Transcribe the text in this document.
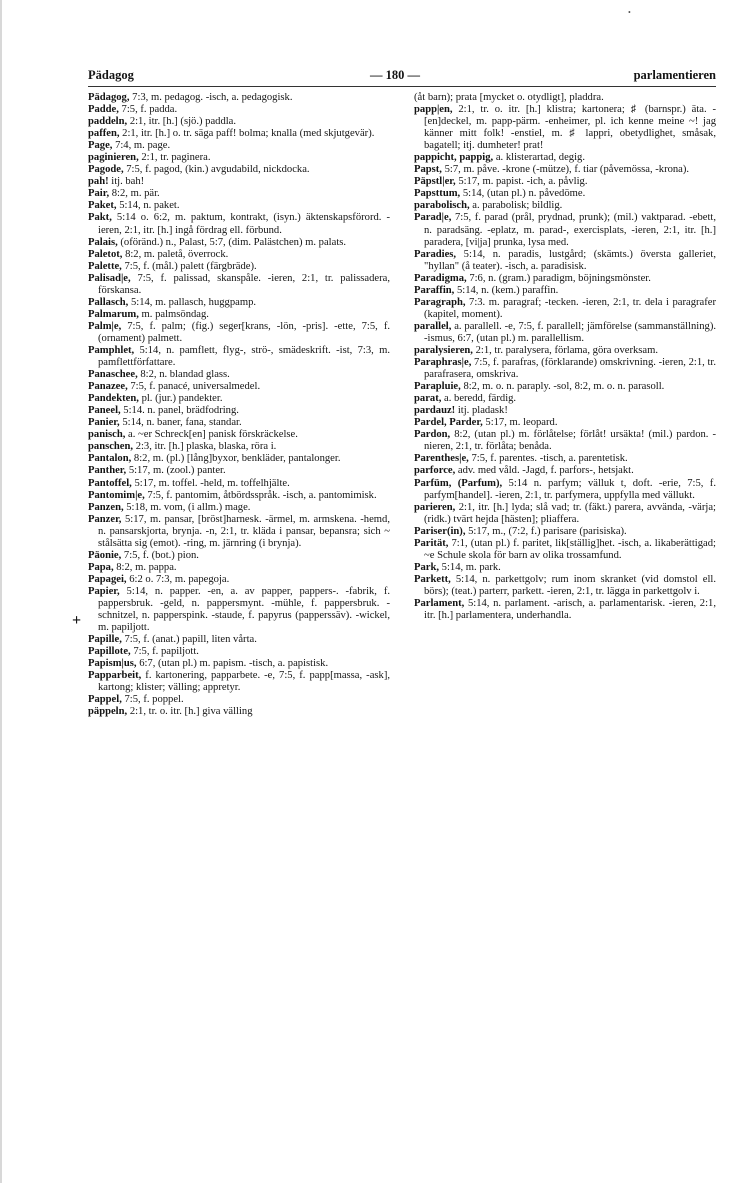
•
Pädagog	— 180 —	parlamentieren
+

Pädagog, 7:3, m. pedagog. -isch, a. pedagogisk.

Padde, 7:5, f. padda.

paddeln, 2:1, itr. [h.] (sjö.) paddla.

paffen, 2:1, itr. [h.] o. tr. säga paff! bolma; knalla (med skjutgevär).

Page, 7:4, m. page.

paginieren, 2:1, tr. paginera.

Pagode, 7:5, f. pagod, (kin.) avgudabild, nickdocka.

pah! itj. bah!

Pair, 8:2, m. pär.

Paket, 5:14, n. paket.

Pakt, 5:14 o. 6:2, m. paktum, kontrakt, (isyn.) äktenskapsförord. -ieren, 2:1, itr. [h.] ingå fördrag ell. förbund.

Palais, (oföränd.) n., Palast, 5:7, (dim. Palästchen) m. palats.

Paletot, 8:2, m. paletå, överrock.

Palette, 7:5, f. (mål.) palett (färgbräde).

Palisad|e, 7:5, f. palissad, skanspåle. -ieren, 2:1, tr. palissadera, förskansa.

Pallasch, 5:14, m. pallasch, huggpamp.

Palmarum, m. palmsöndag.

Palm|e, 7:5, f. palm; (fig.) seger[krans, -lön, -pris]. -ette, 7:5, f. (ornament) palmett.

Pamphlet, 5:14, n. pamflett, flyg-, strö-, smädeskrift. -ist, 7:3, m. pamflettförfattare.

Panaschee, 8:2, n. blandad glass.

Panazee, 7:5, f. panacé, universalmedel.

Pandekten, pl. (jur.) pandekter.

Paneel, 5:14. n. panel, brädfodring.

Panier, 5:14, n. baner, fana, standar.

panisch, a. ~er Schreck[en] panisk förskräckelse.

panschen, 2:3, itr. [h.] plaska, blaska, röra i.

Pantalon, 8:2, m. (pl.) [lång]byxor, benkläder, pantalonger.

Panther, 5:17, m. (zool.) panter.

Pantoffel, 5:17, m. toffel. -held, m. toffelhjälte.

Pantomim|e, 7:5, f. pantomim, åtbördsspråk. -isch, a. pantomimisk.

Panzen, 5:18, m. vom, (i allm.) mage.

Panzer, 5:17, m. pansar, [bröst]harnesk. -ärmel, m. armskena. -hemd, n. pansarskjorta, brynja. -n, 2:1, tr. kläda i pansar, bepansra; sich ~ stålsätta sig (emot). -ring, m. järnring (i brynja).

Päonie, 7:5, f. (bot.) pion.

Papa, 8:2, m. pappa.

Papagei, 6:2 o. 7:3, m. papegoja.

Papier, 5:14, n. papper. -en, a. av papper, pappers-. -fabrik, f. pappersbruk. -geld, n. pappersmynt. -mühle, f. pappersbruk. -schnitzel, n. papperspink. -staude, f. papyrus (papperssäv). -wickel, m. papiljott.

Papille, 7:5, f. (anat.) papill, liten vårta.

Papillote, 7:5, f. papiljott.

Papism|us, 6:7, (utan pl.) m. papism. -tisch, a. papistisk.

Papparbeit, f. kartonering, papparbete. -e, 7:5, f. papp[massa, -ask], kartong; klister; välling; appretyr.

Pappel, 7:5, f. poppel.

päppeln, 2:1, tr. o. itr. [h.] giva välling

(åt barn); prata [mycket o. otydligt], pladdra.

papp|en, 2:1, tr. o. itr. [h.] klistra; kartonera; ♯ (barnspr.) äta. -[en]deckel, m. papp-pärm. -enheimer, pl. ich kenne meine ~! jag känner mitt folk! -enstiel, m. ♯ lappri, obetydlighet, småsak, bagatell; itj. dumheter! prat!

pappicht, pappig, a. klisterartad, degig.

Papst, 5:7, m. påve. -krone (-mütze), f. tiar (påvemössa, -krona).

Päpstl|er, 5:17, m. papist. -ich, a. påvlig.

Papsttum, 5:14, (utan pl.) n. påvedöme.

parabolisch, a. parabolisk; bildlig.

Parad|e, 7:5, f. parad (prål, prydnad, prunk); (mil.) vaktparad. -ebett, n. paradsäng. -eplatz, m. parad-, exercisplats, -ieren, 2:1, itr. [h.] paradera, [vi|ja] prunka, lysa med.

Paradies, 5:14, n. paradis, lustgård; (skämts.) översta galleriet, "hyllan" (å teater). -isch, a. paradisisk.

Paradigma, 7:6, n. (gram.) paradigm, böjningsmönster.

Paraffin, 5:14, n. (kem.) paraffin.

Paragraph, 7:3. m. paragraf; -tecken. -ieren, 2:1, tr. dela i paragrafer (kapitel, moment).

parallel, a. parallell. -e, 7:5, f. parallell; jämförelse (sammanställning). -ismus, 6:7, (utan pl.) m. parallellism.

paralysieren, 2:1, tr. paralysera, förlama, göra overksam.

Paraphras|e, 7:5, f. parafras, (förklarande) omskrivning. -ieren, 2:1, tr. parafrasera, omskriva.

Parapluie, 8:2, m. o. n. paraply. -sol, 8:2, m. o. n. parasoll.

parat, a. beredd, färdig.

pardauz! itj. pladask!

Pardel, Parder, 5:17, m. leopard.

Pardon, 8:2, (utan pl.) m. förlåtelse; förlåt! ursäkta! (mil.) pardon. -nieren, 2:1, tr. förlåta; benåda.

Parenthes|e, 7:5, f. parentes. -tisch, a. parentetisk.

parforce, adv. med våld. -Jagd, f. parfors-, hetsjakt.

Parfüm, (Parfum), 5:14 n. parfym; välluk t, doft. -erie, 7:5, f. parfym[handel]. -ieren, 2:1, tr. parfymera, uppfylla med vällukt.

parieren, 2:1, itr. [h.] lyda; slå vad; tr. (fäkt.) parera, avvända, -värja; (ridk.) tvärt hejda [hästen]; pliaffera.

Pariser(in), 5:17, m., (7:2, f.) parisare (parisiska).

Parität, 7:1, (utan pl.) f. paritet, lik[ställig]het. -isch, a. likaberättigad; ~e Schule skola för barn av olika trossamfund.

Park, 5:14, m. park.

Parkett, 5:14, n. parkettgolv; rum inom skranket (vid domstol ell. börs); (teat.) parterr, parkett. -ieren, 2:1, tr. lägga in parkettgolv i.

Parlament, 5:14, n. parlament. -arisch, a. parlamentarisk. -ieren, 2:1, itr. [h.] parlamentera, underhandla.
